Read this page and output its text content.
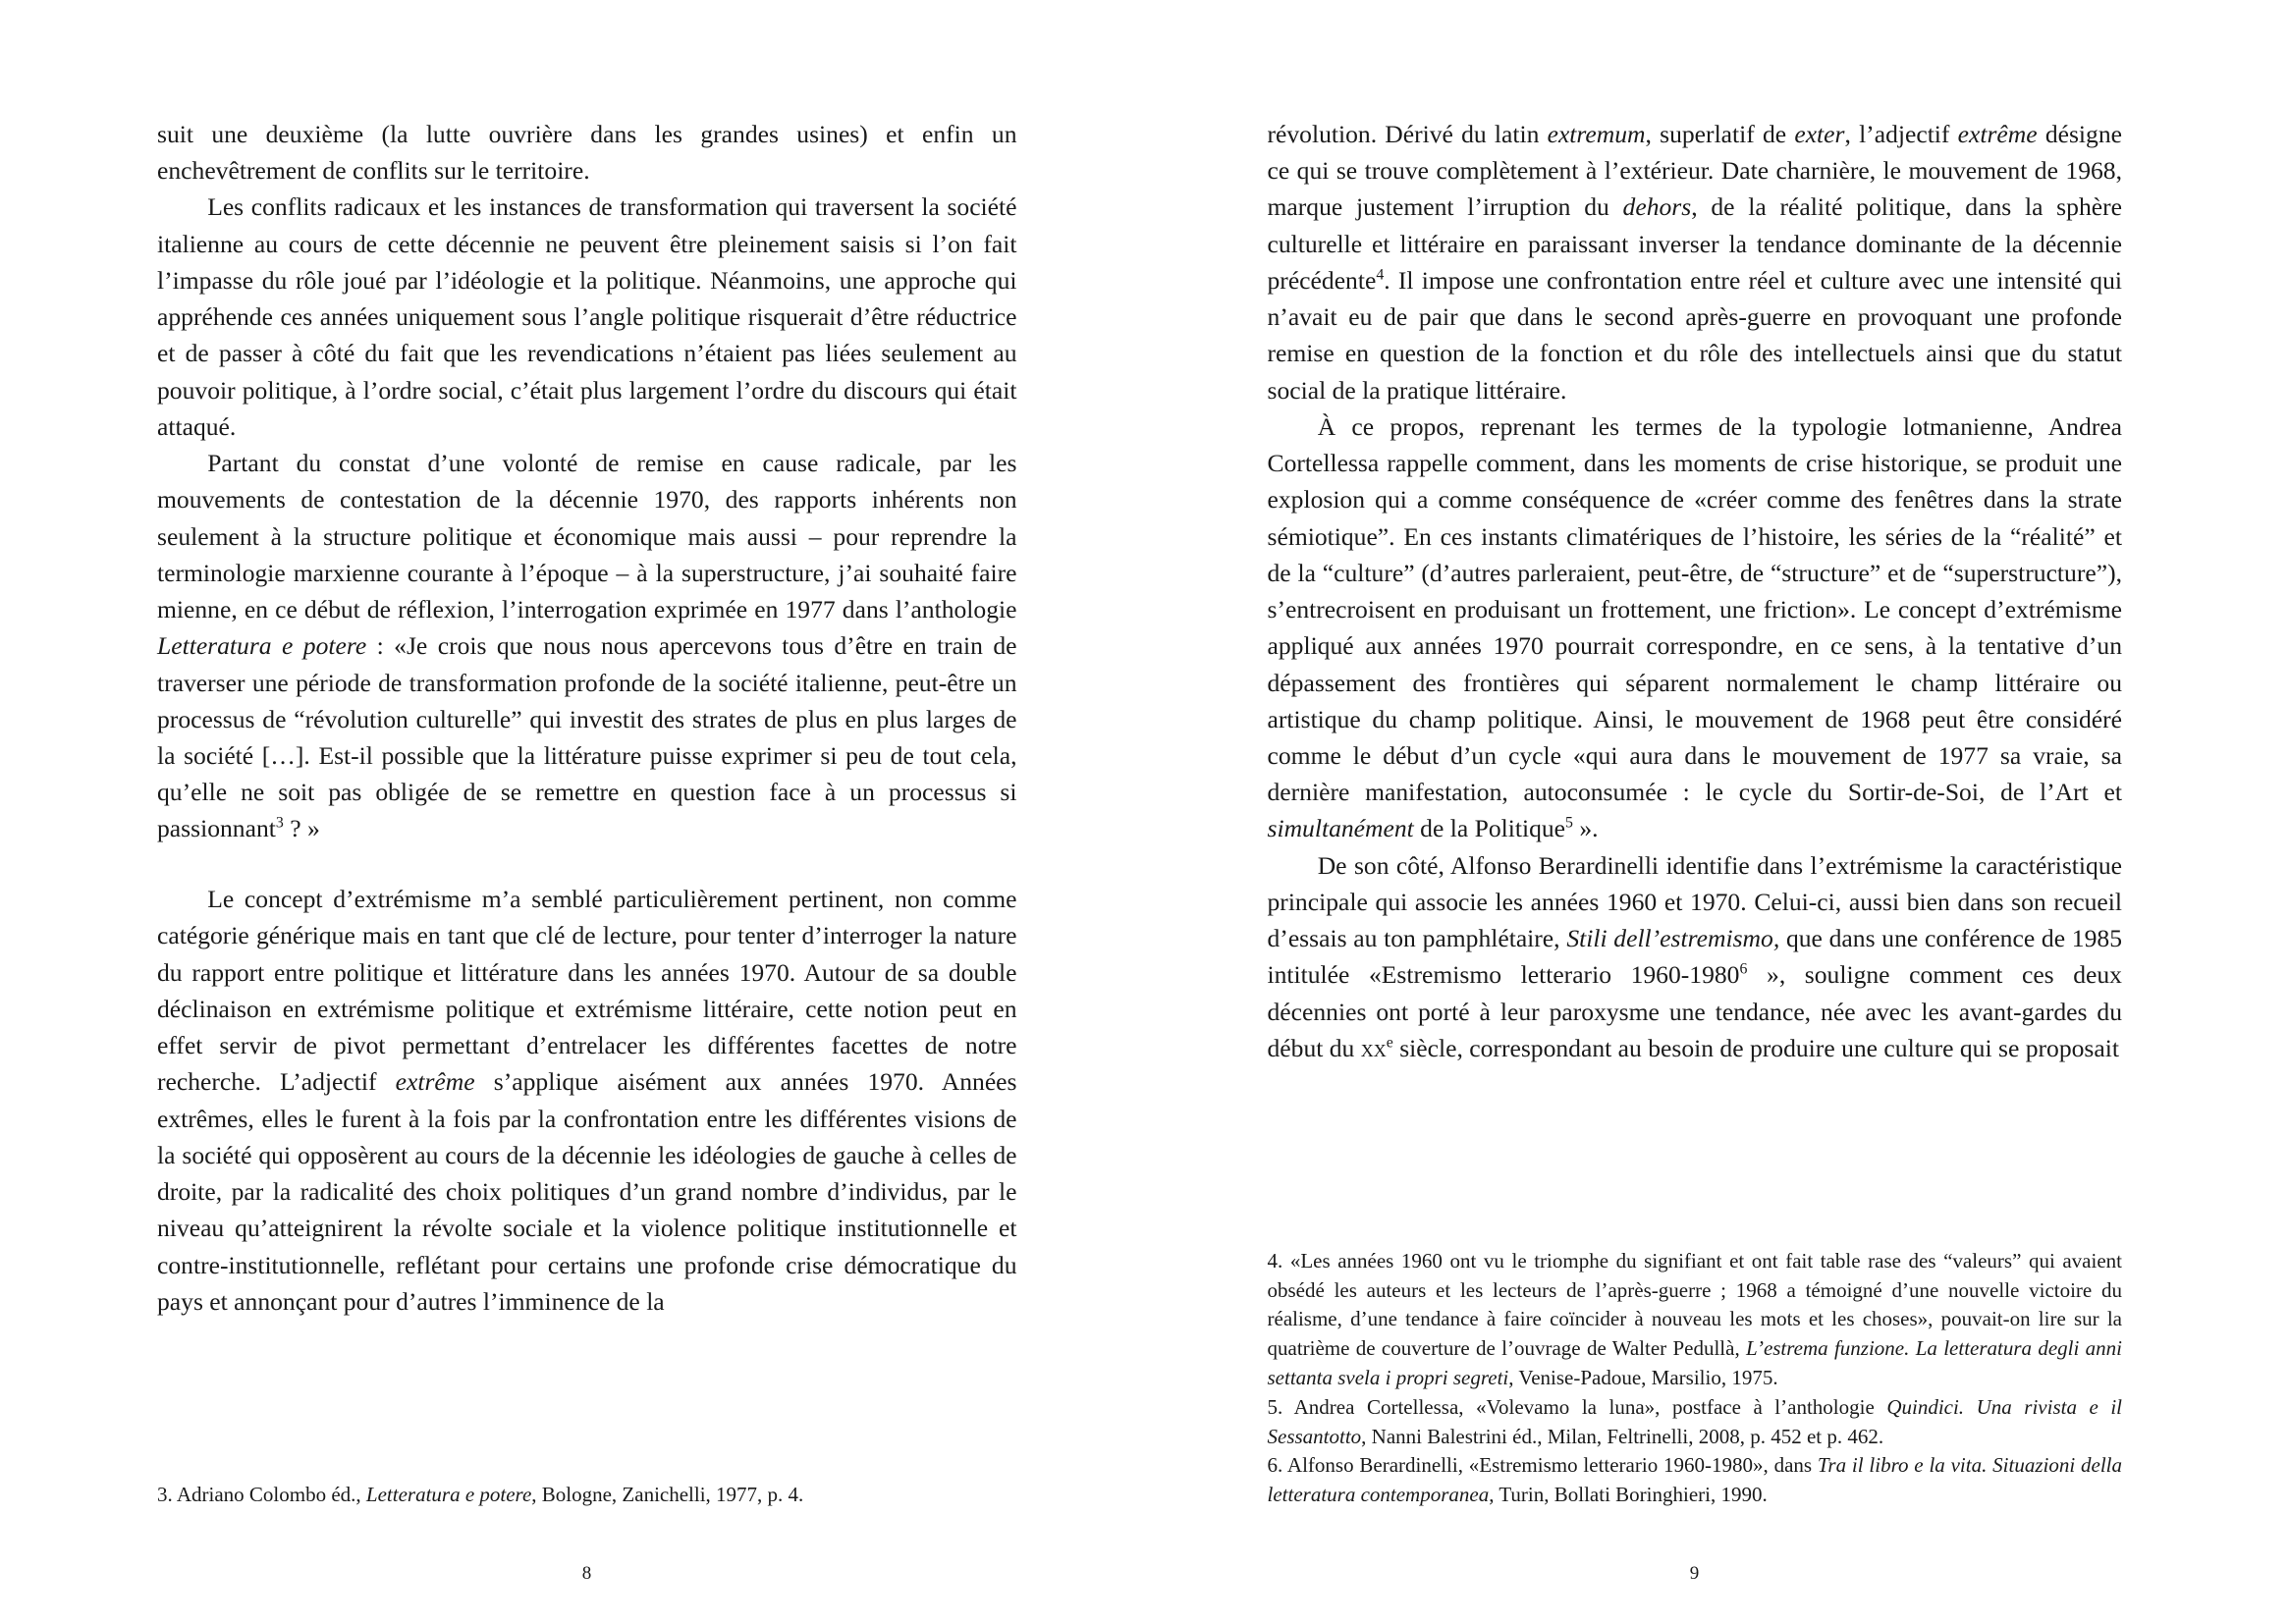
suit une deuxième (la lutte ouvrière dans les grandes usines) et enfin un enchevêtrement de conflits sur le territoire.

Les conflits radicaux et les instances de transformation qui traversent la société italienne au cours de cette décennie ne peuvent être pleinement saisis si l’on fait l’impasse du rôle joué par l’idéologie et la politique. Néanmoins, une approche qui appréhende ces années uniquement sous l’angle politique risquerait d’être réductrice et de passer à côté du fait que les revendications n’étaient pas liées seulement au pouvoir politique, à l’ordre social, c’était plus largement l’ordre du discours qui était attaqué.

Partant du constat d’une volonté de remise en cause radicale, par les mouvements de contestation de la décennie 1970, des rapports inhérents non seulement à la structure politique et économique mais aussi – pour reprendre la terminologie marxienne courante à l’époque – à la superstructure, j’ai souhaité faire mienne, en ce début de réflexion, l’interrogation exprimée en 1977 dans l’anthologie Letteratura e potere : «Je crois que nous nous apercevons tous d’être en train de traverser une période de transformation profonde de la société italienne, peut-être un processus de “révolution culturelle” qui investit des strates de plus en plus larges de la société […]. Est-il possible que la littérature puisse exprimer si peu de tout cela, qu’elle ne soit pas obligée de se remettre en question face à un processus si passionnant$^3$ ? »

Le concept d’extrémisme m’a semblé particulièrement pertinent, non comme catégorie générique mais en tant que clé de lecture, pour tenter d’interroger la nature du rapport entre politique et littérature dans les années 1970. Autour de sa double déclinaison en extrémisme politique et extrémisme littéraire, cette notion peut en effet servir de pivot permettant d’entrelacer les différentes facettes de notre recherche. L’adjectif extrême s’applique aisément aux années 1970. Années extrêmes, elles le furent à la fois par la confrontation entre les différentes visions de la société qui opposèrent au cours de la décennie les idéologies de gauche à celles de droite, par la radicalité des choix politiques d’un grand nombre d’individus, par le niveau qu’atteignirent la révolte sociale et la violence politique institutionnelle et contre-institutionnelle, reflétant pour certains une profonde crise démocratique du pays et annonçant pour d’autres l’imminence de la

3. Adriano Colombo éd., Letteratura e potere, Bologne, Zanichelli, 1977, p. 4.

8

révolution. Dérivé du latin extremum, superlatif de exter, l’adjectif extrême désigne ce qui se trouve complètement à l’extérieur. Date charnière, le mouvement de 1968, marque justement l’irruption du dehors, de la réalité politique, dans la sphère culturelle et littéraire en paraissant inverser la tendance dominante de la décennie précédente$^4$. Il impose une confrontation entre réel et culture avec une intensité qui n’avait eu de pair que dans le second après-guerre en provoquant une profonde remise en question de la fonction et du rôle des intellectuels ainsi que du statut social de la pratique littéraire.

À ce propos, reprenant les termes de la typologie lotmanienne, Andrea Cortellessa rappelle comment, dans les moments de crise historique, se produit une explosion qui a comme conséquence de «créer comme des fenêtres dans la strate sémiotique”. En ces instants climatériques de l’histoire, les séries de la “réalité” et de la “culture” (d’autres parleraient, peut-être, de “structure” et de “superstructure”), s’entrecroisent en produisant un frottement, une friction». Le concept d’extrémisme appliqué aux années 1970 pourrait correspondre, en ce sens, à la tentative d’un dépassement des frontières qui séparent normalement le champ littéraire ou artistique du champ politique. Ainsi, le mouvement de 1968 peut être considéré comme le début d’un cycle «qui aura dans le mouvement de 1977 sa vraie, sa dernière manifestation, autoconsumée : le cycle du Sortir-de-Soi, de l’Art et simultanément de la Politique$^5$ ».

De son côté, Alfonso Berardinelli identifie dans l’extrémisme la caractéristique principale qui associe les années 1960 et 1970. Celui-ci, aussi bien dans son recueil d’essais au ton pamphlétaire, Stili dell’estremismo, que dans une conférence de 1985 intitulée «Estremismo letterario 1960-1980$^6$ », souligne comment ces deux décennies ont porté à leur paroxysme une tendance, née avec les avant-gardes du début du $xx^e$ siècle, correspondant au besoin de produire une culture qui se proposait

4. «Les années 1960 ont vu le triomphe du signifiant et ont fait table rase des “valeurs” qui avaient obsédé les auteurs et les lecteurs de l’après-guerre ; 1968 a témoigné d’une nouvelle victoire du réalisme, d’une tendance à faire coïncider à nouveau les mots et les choses», pouvait-on lire sur la quatrième de couverture de l’ouvrage de Walter Pedullà, L’estrema funzione. La letteratura degli anni settanta svela i propri segreti, Venise-Padoue, Marsilio, 1975.

5. Andrea Cortellessa, «Volevamo la luna», postface à l’anthologie Quindici. Una rivista e il Sessantotto, Nanni Balestrini éd., Milan, Feltrinelli, 2008, p. 452 et p. 462.

6. Alfonso Berardinelli, «Estremismo letterario 1960-1980», dans Tra il libro e la vita. Situazioni della letteratura contemporanea, Turin, Bollati Boringhieri, 1990.

9
